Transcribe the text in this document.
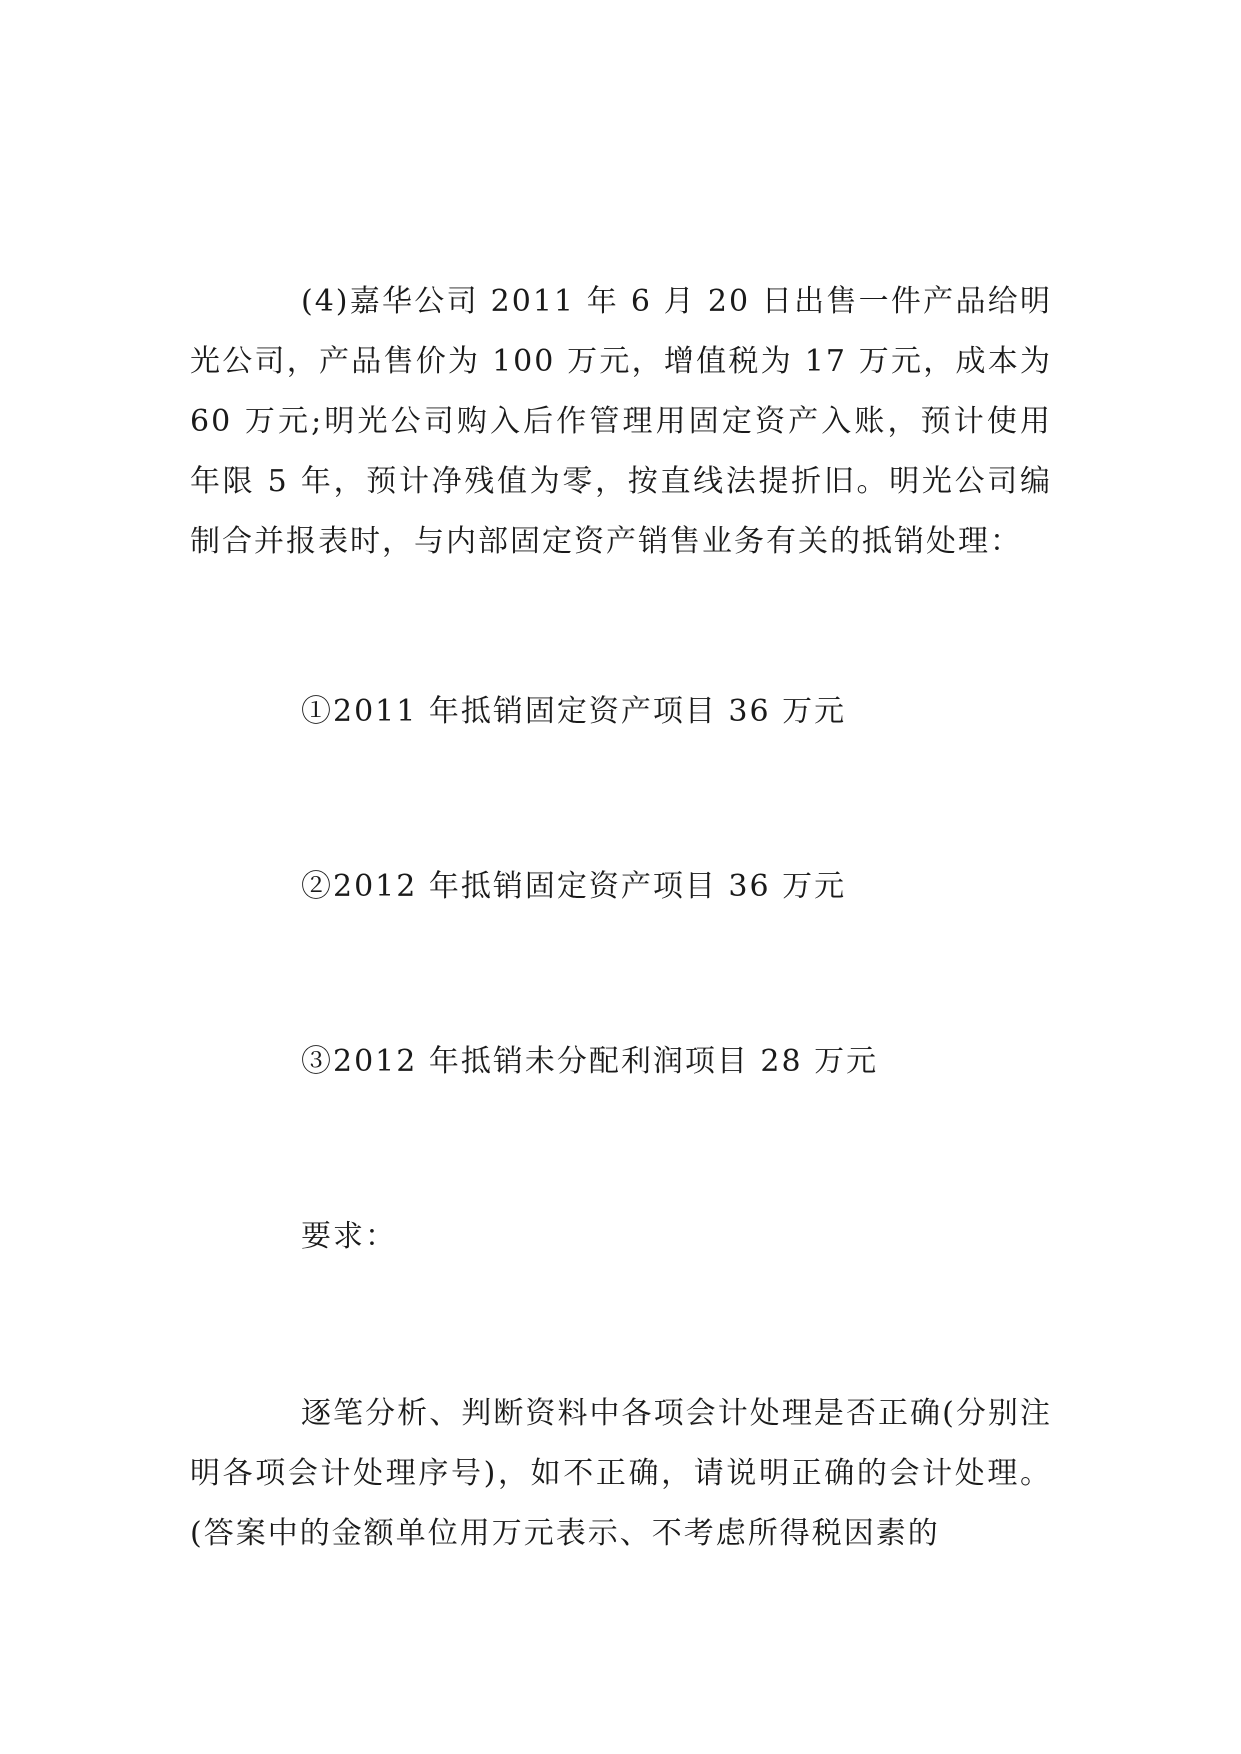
(4)嘉华公司 2011 年 6 月 20 日出售一件产品给明光公司，产品售价为 100 万元，增值税为 17 万元，成本为 60 万元;明光公司购入后作管理用固定资产入账，预计使用年限 5 年，预计净残值为零，按直线法提折旧。明光公司编制合并报表时，与内部固定资产销售业务有关的抵销处理：

①2011 年抵销固定资产项目 36 万元

②2012 年抵销固定资产项目 36 万元

③2012 年抵销未分配利润项目 28 万元

要求：

逐笔分析、判断资料中各项会计处理是否正确(分别注明各项会计处理序号)，如不正确，请说明正确的会计处理。(答案中的金额单位用万元表示、不考虑所得税因素的
